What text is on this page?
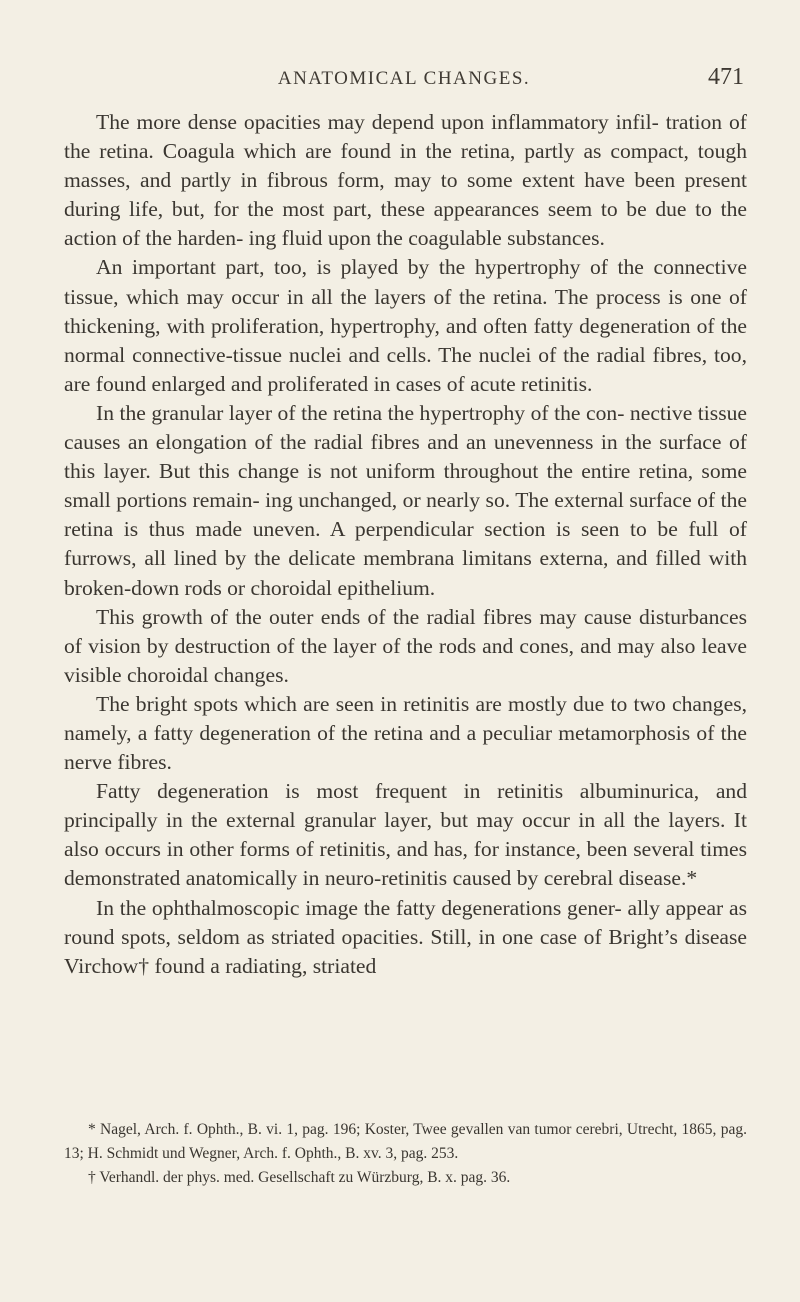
ANATOMICAL CHANGES.	471

The more dense opacities may depend upon inflammatory infil- tration of the retina. Coagula which are found in the retina, partly as compact, tough masses, and partly in fibrous form, may to some extent have been present during life, but, for the most part, these appearances seem to be due to the action of the harden- ing fluid upon the coagulable substances.

An important part, too, is played by the hypertrophy of the connective tissue, which may occur in all the layers of the retina. The process is one of thickening, with proliferation, hypertrophy, and often fatty degeneration of the normal connective-tissue nuclei and cells. The nuclei of the radial fibres, too, are found enlarged and proliferated in cases of acute retinitis.

In the granular layer of the retina the hypertrophy of the con- nective tissue causes an elongation of the radial fibres and an unevenness in the surface of this layer. But this change is not uniform throughout the entire retina, some small portions remain- ing unchanged, or nearly so. The external surface of the retina is thus made uneven. A perpendicular section is seen to be full of furrows, all lined by the delicate membrana limitans externa, and filled with broken-down rods or choroidal epithelium.

This growth of the outer ends of the radial fibres may cause disturbances of vision by destruction of the layer of the rods and cones, and may also leave visible choroidal changes.

The bright spots which are seen in retinitis are mostly due to two changes, namely, a fatty degeneration of the retina and a peculiar metamorphosis of the nerve fibres.

Fatty degeneration is most frequent in retinitis albuminurica, and principally in the external granular layer, but may occur in all the layers. It also occurs in other forms of retinitis, and has, for instance, been several times demonstrated anatomically in neuro-retinitis caused by cerebral disease.*

In the ophthalmoscopic image the fatty degenerations gener- ally appear as round spots, seldom as striated opacities. Still, in one case of Bright’s disease Virchow† found a radiating, striated

* Nagel, Arch. f. Ophth., B. vi. 1, pag. 196; Koster, Twee gevallen van tumor cerebri, Utrecht, 1865, pag. 13; H. Schmidt und Wegner, Arch. f. Ophth., B. xv. 3, pag. 253.

† Verhandl. der phys. med. Gesellschaft zu Würzburg, B. x. pag. 36.
